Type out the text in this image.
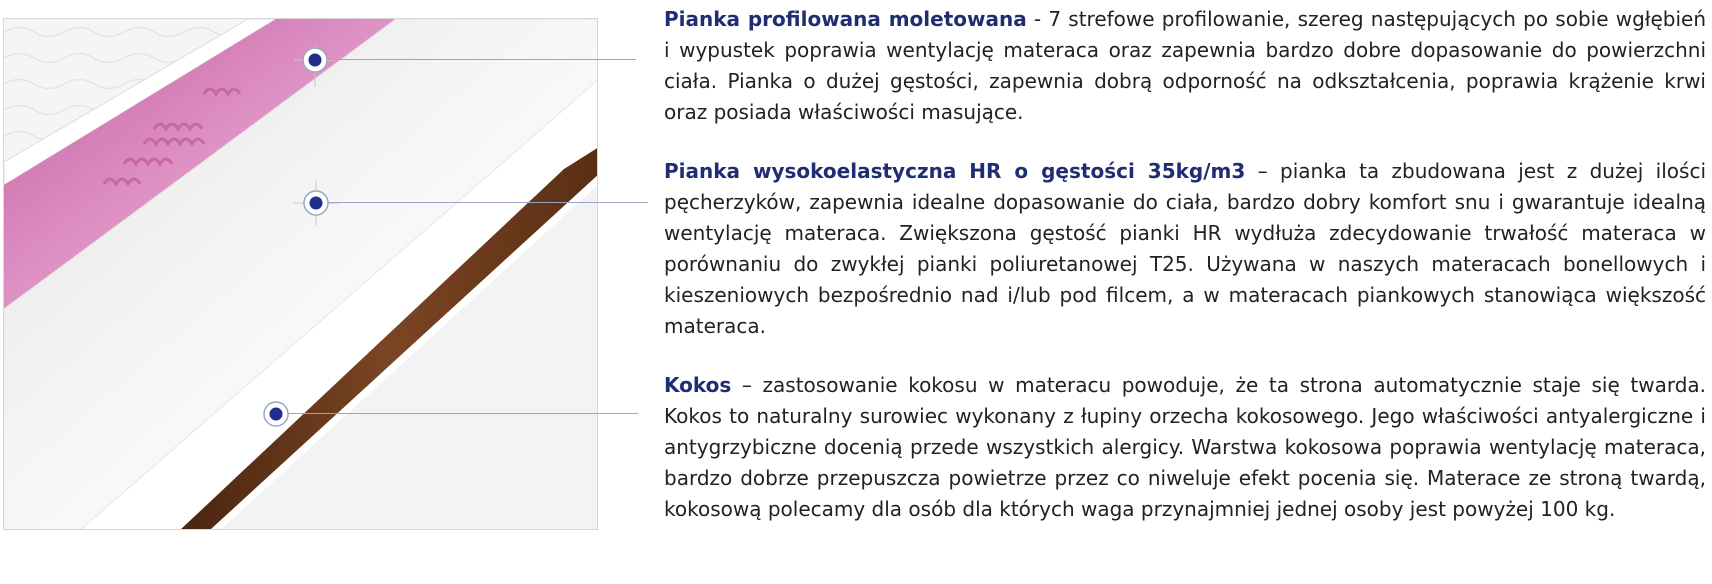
Pianka profilowana moletowana - 7 strefowe profilowanie, szereg następujących po sobie wgłębień i wypustek poprawia wentylację materaca oraz zapewnia bardzo dobre dopasowanie do powierzchni ciała. Pianka o dużej gęstości, zapewnia dobrą odporność na odkształcenia, poprawia krążenie krwi oraz posiada właściwości masujące.

Pianka wysokoelastyczna HR o gęstości 35kg/m3 – pianka ta zbudowana jest z dużej ilości pęcherzyków, zapewnia idealne dopasowanie do ciała, bardzo dobry komfort snu i gwarantuje idealną wentylację materaca. Zwiększona gęstość pianki HR wydłuża zdecydowanie trwałość materaca w porównaniu do zwykłej pianki poliuretanowej T25. Używana w naszych materacach bonellowych i kieszeniowych bezpośrednio nad i/lub pod filcem, a w materacach piankowych stanowiąca większość materaca.

Kokos – zastosowanie kokosu w materacu powoduje, że ta strona automatycznie staje się twarda. Kokos to naturalny surowiec wykonany z łupiny orzecha kokosowego. Jego właściwości antyalergiczne i antygrzybiczne docenią przede wszystkich alergicy. Warstwa kokosowa poprawia wentylację materaca, bardzo dobrze przepuszcza powietrze przez co niweluje efekt pocenia się. Materace ze stroną twardą, kokosową polecamy dla osób dla których waga przynajmniej jednej osoby jest powyżej 100 kg.
